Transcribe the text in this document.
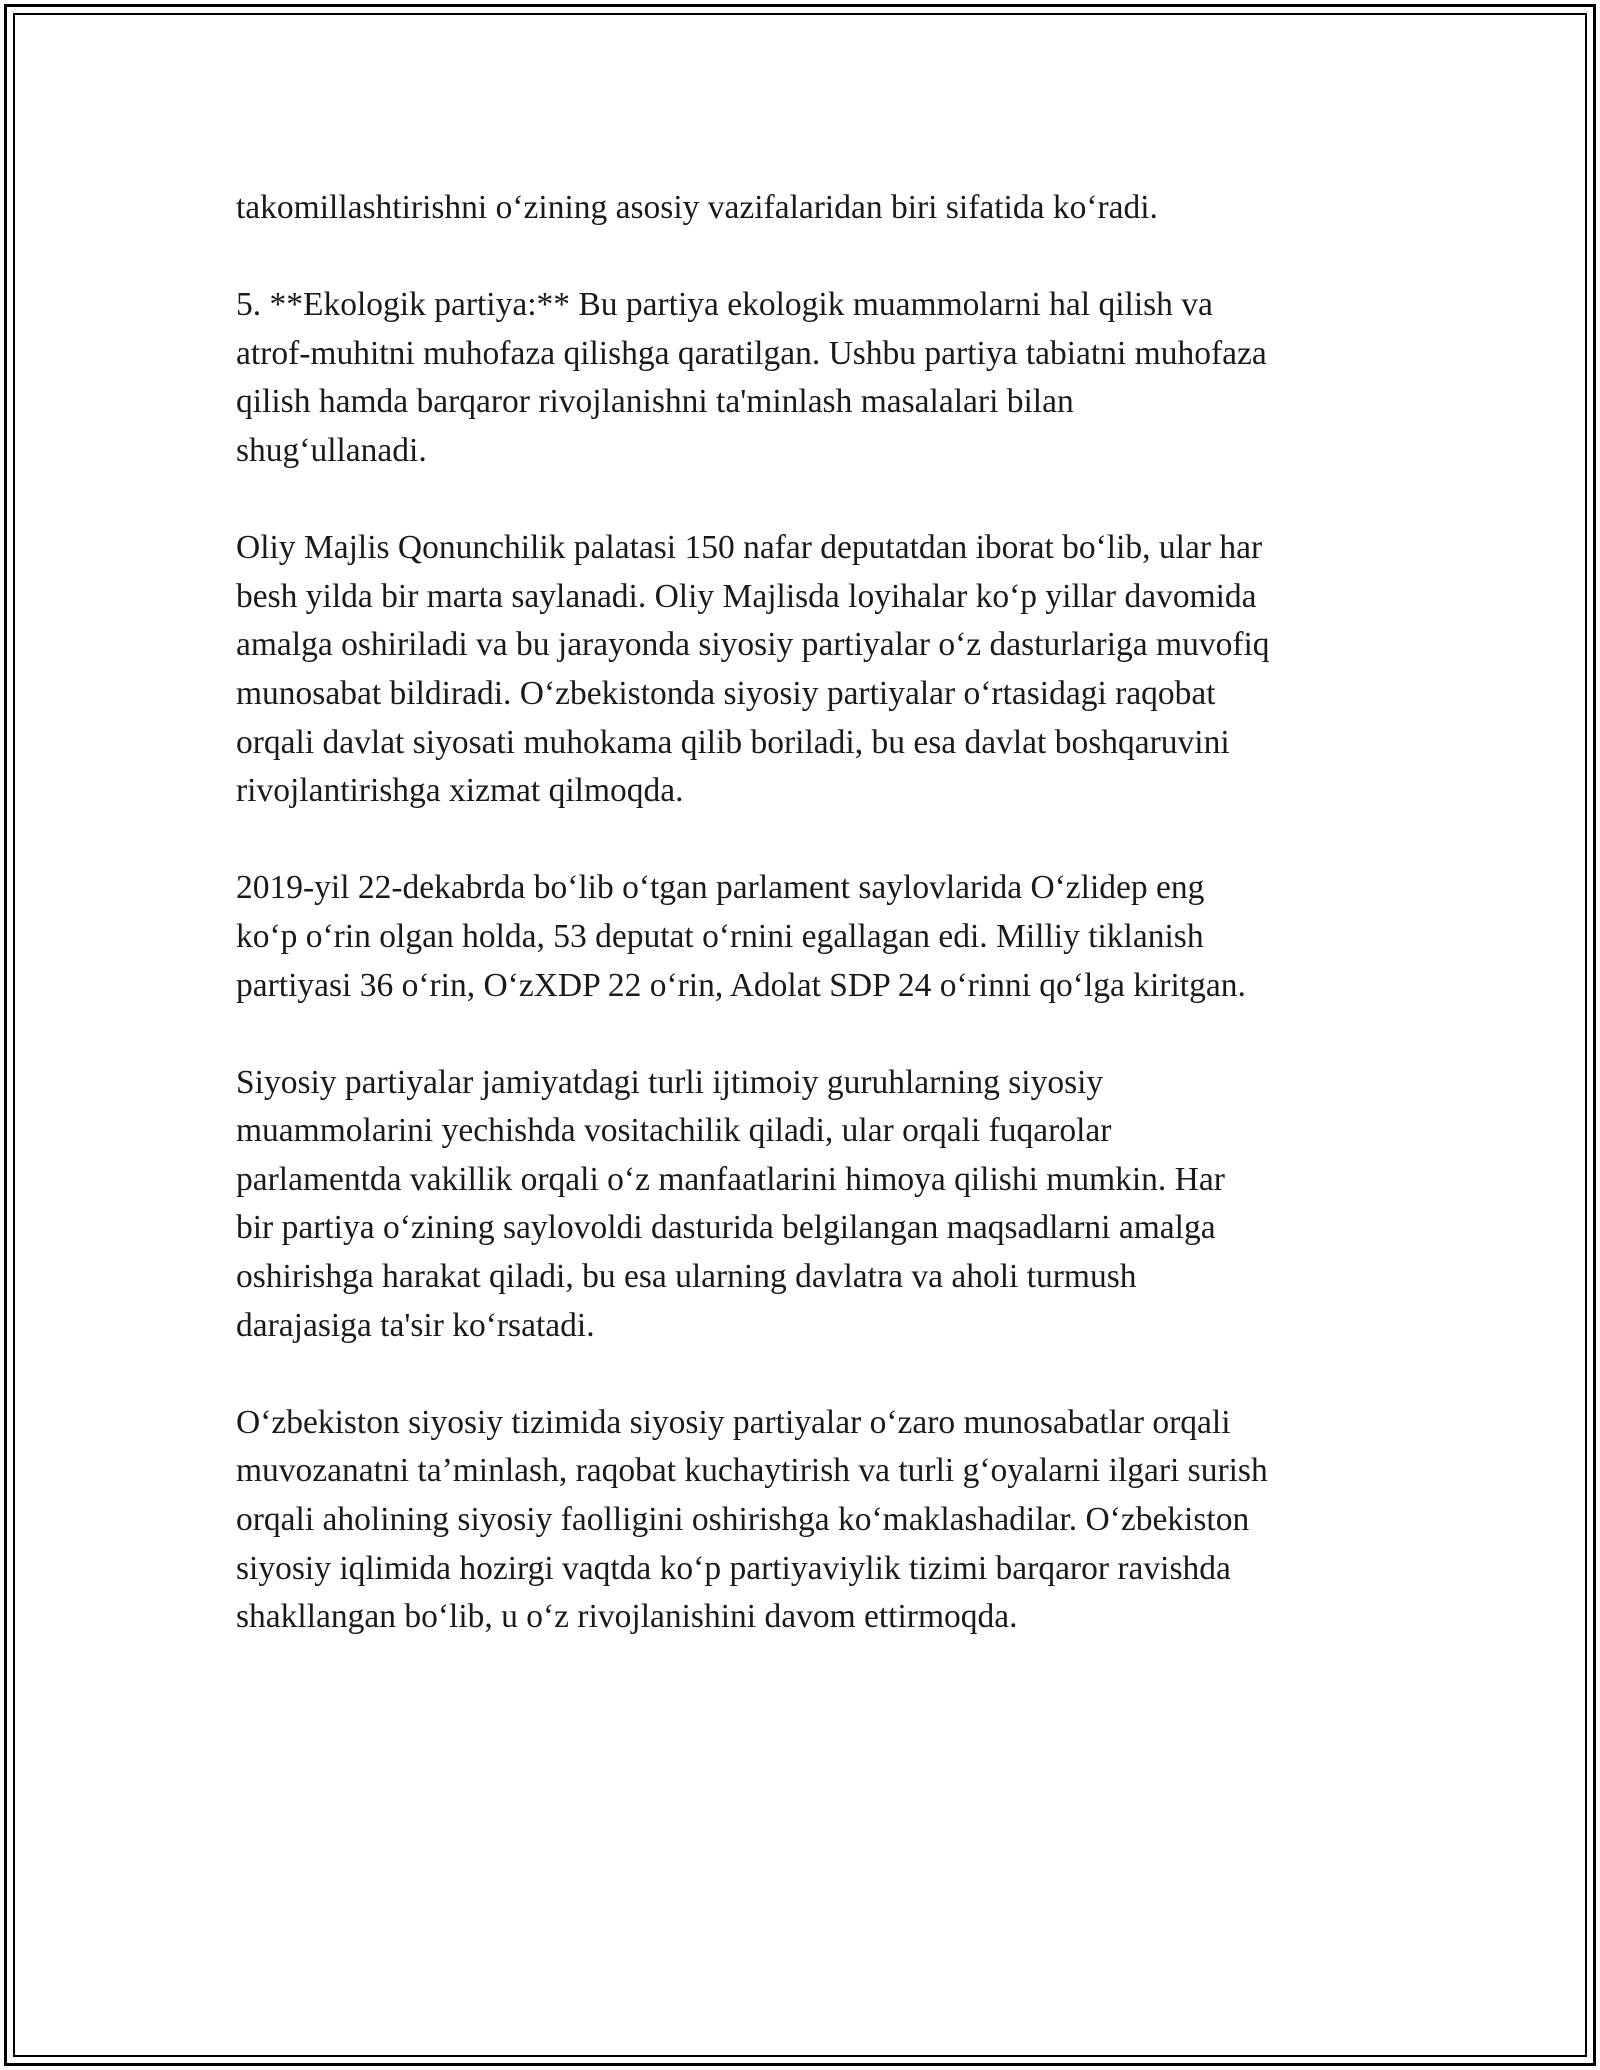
takomillashtirishni o‘zining asosiy vazifalaridan biri sifatida ko‘radi.
5. **Ekologik partiya:** Bu partiya ekologik muammolarni hal qilish va
atrof-muhitni muhofaza qilishga qaratilgan. Ushbu partiya tabiatni muhofaza
qilish hamda barqaror rivojlanishni ta'minlash masalalari bilan
shug‘ullanadi.
Oliy Majlis Qonunchilik palatasi 150 nafar deputatdan iborat bo‘lib, ular har
besh yilda bir marta saylanadi. Oliy Majlisda loyihalar ko‘p yillar davomida
amalga oshiriladi va bu jarayonda siyosiy partiyalar o‘z dasturlariga muvofiq
munosabat bildiradi. O‘zbekistonda siyosiy partiyalar o‘rtasidagi raqobat
orqali davlat siyosati muhokama qilib boriladi, bu esa davlat boshqaruvini
rivojlantirishga xizmat qilmoqda.
2019-yil 22-dekabrda bo‘lib o‘tgan parlament saylovlarida O‘zlidep eng
ko‘p o‘rin olgan holda, 53 deputat o‘rnini egallagan edi. Milliy tiklanish
partiyasi 36 o‘rin, O‘zXDP 22 o‘rin, Adolat SDP 24 o‘rinni qo‘lga kiritgan.
Siyosiy partiyalar jamiyatdagi turli ijtimoiy guruhlarning siyosiy
muammolarini yechishda vositachilik qiladi, ular orqali fuqarolar
parlamentda vakillik orqali o‘z manfaatlarini himoya qilishi mumkin. Har
bir partiya o‘zining saylovoldi dasturida belgilangan maqsadlarni amalga
oshirishga harakat qiladi, bu esa ularning davlatra va aholi turmush
darajasiga ta'sir ko‘rsatadi.
O‘zbekiston siyosiy tizimida siyosiy partiyalar o‘zaro munosabatlar orqali
muvozanatni ta’minlash, raqobat kuchaytirish va turli g‘oyalarni ilgari surish
orqali aholining siyosiy faolligini oshirishga ko‘maklashadilar. O‘zbekiston
siyosiy iqlimida hozirgi vaqtda ko‘p partiyaviylik tizimi barqaror ravishda
shakllangan bo‘lib, u o‘z rivojlanishini davom ettirmoqda.
